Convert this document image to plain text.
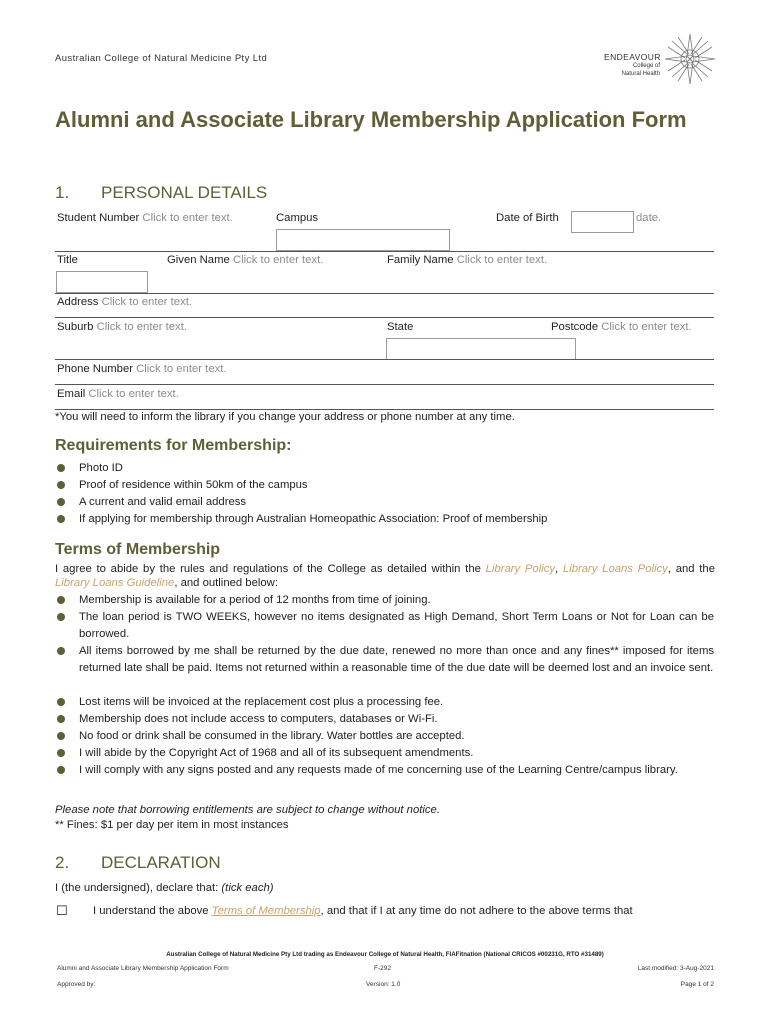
Australian College of Natural Medicine Pty Ltd	ENDEAVOUR
College of
Natural Health
Alumni and Associate Library Membership Application Form
1. PERSONAL DETAILS
Student Number Click to enter text.	Campus	Date of Birth	date.
Title	Given Name Click to enter text.	Family Name Click to enter text.
Address Click to enter text.
Suburb Click to enter text.	State	Postcode Click to enter text.
Phone Number Click to enter text.
Email Click to enter text.
*You will need to inform the library if you change your address or phone number at any time.
Requirements for Membership:
Photo ID
Proof of residence within 50km of the campus
A current and valid email address
If applying for membership through Australian Homeopathic Association: Proof of membership
Terms of Membership
I agree to abide by the rules and regulations of the College as detailed within the Library Policy, Library Loans Policy, and the Library Loans Guideline, and outlined below:
Membership is available for a period of 12 months from time of joining.
The loan period is TWO WEEKS, however no items designated as High Demand, Short Term Loans or Not for Loan can be borrowed.
All items borrowed by me shall be returned by the due date, renewed no more than once and any fines** imposed for items returned late shall be paid. Items not returned within a reasonable time of the due date will be deemed lost and an invoice sent.
Lost items will be invoiced at the replacement cost plus a processing fee.
Membership does not include access to computers, databases or Wi-Fi.
No food or drink shall be consumed in the library. Water bottles are accepted.
I will abide by the Copyright Act of 1968 and all of its subsequent amendments.
I will comply with any signs posted and any requests made of me concerning use of the Learning Centre/campus library.
Please note that borrowing entitlements are subject to change without notice.
** Fines: $1 per day per item in most instances
2. DECLARATION
I (the undersigned), declare that: (tick each)
☐ I understand the above Terms of Membership, and that if I at any time do not adhere to the above terms that
Australian College of Natural Medicine Pty Ltd trading as Endeavour College of Natural Health, FIAFitnation (National CRICOS #00231G, RTO #31489)
Alumni and Associate Library Membership Application Form	F-292	Last modified: 3-Aug-2021
Approved by:	Version: 1.0	Page 1 of 2
